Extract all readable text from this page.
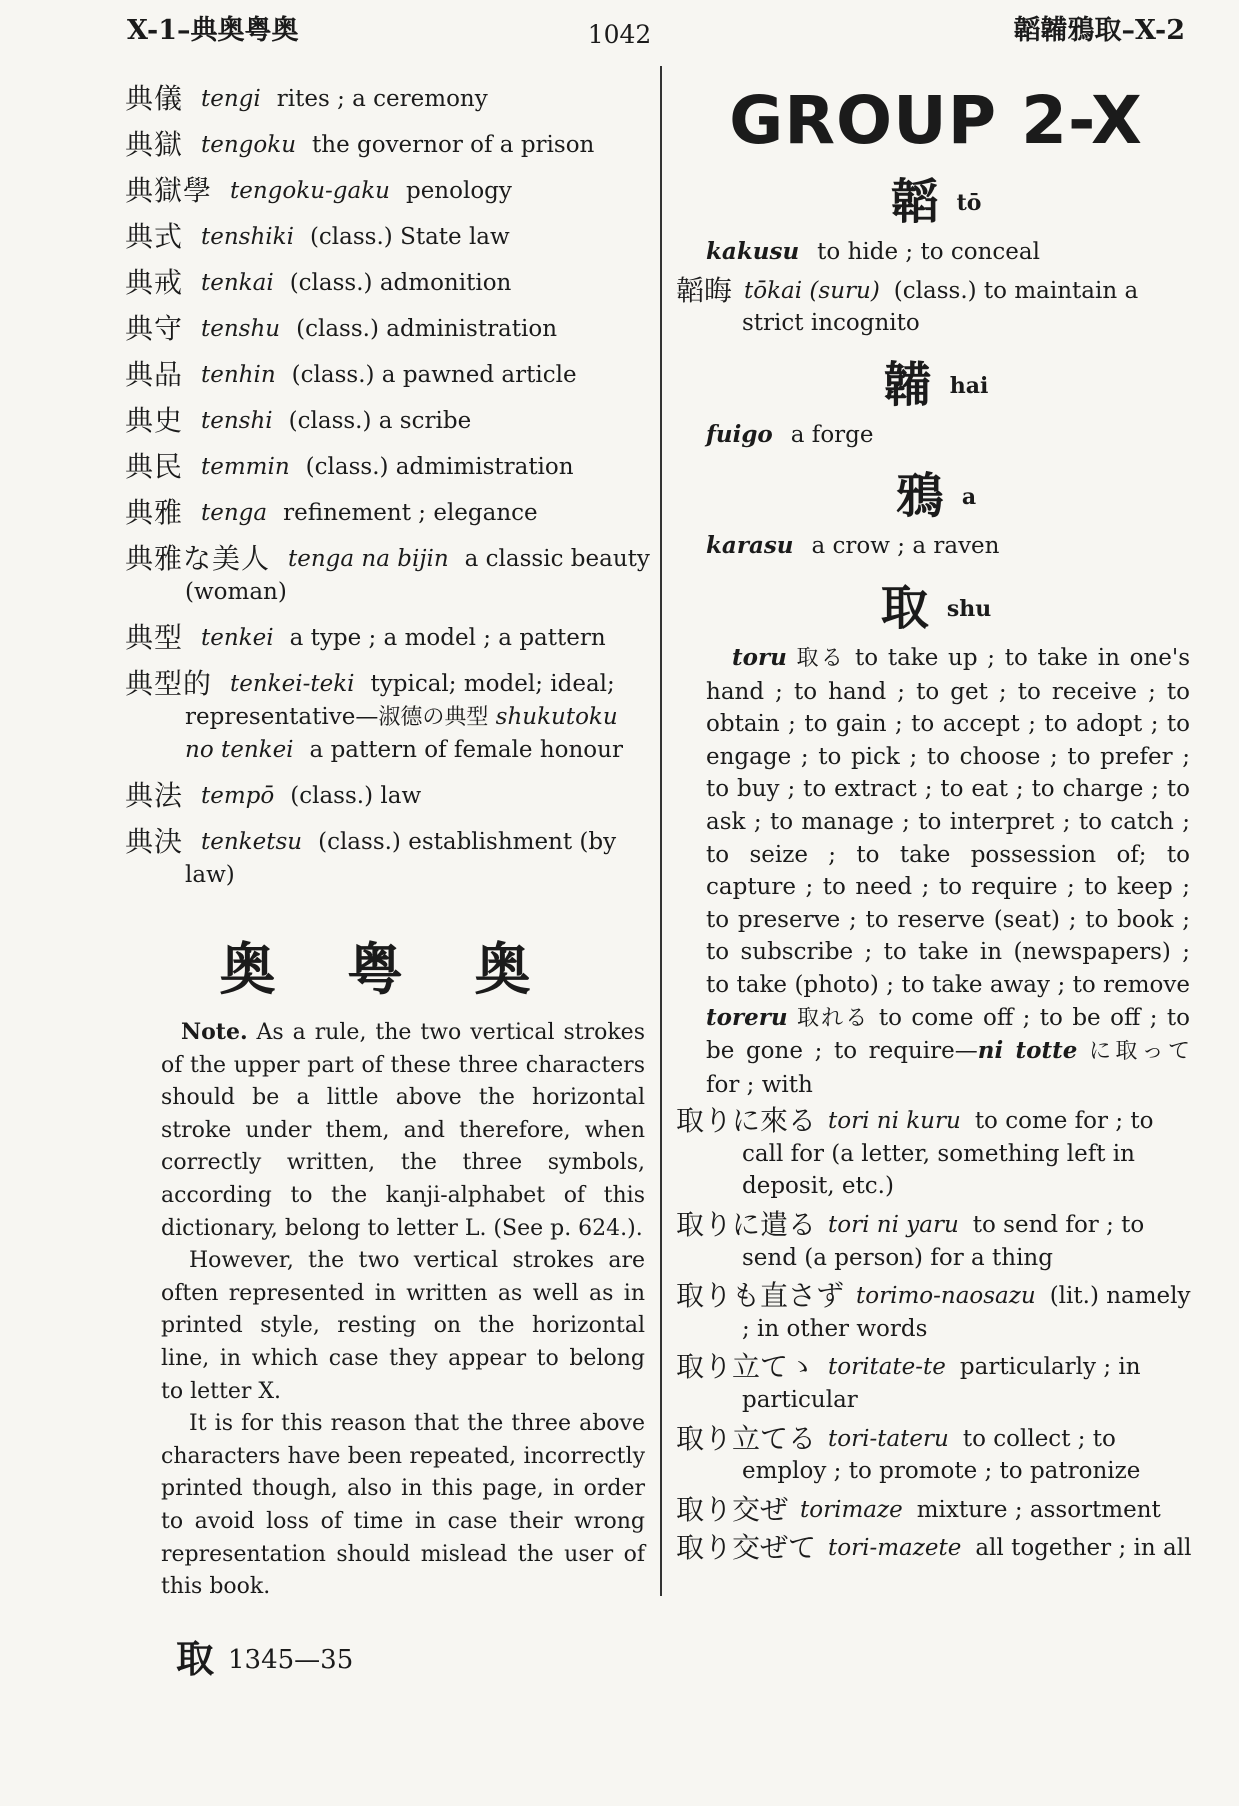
X-1–典奥粤奥	1042	韜韛鴉取–X-2
典儀 tengi rites ; a ceremony
典獄 tengoku the governor of a prison
典獄學 tengoku-gaku penology
典式 tenshiki (class.) State law
典戒 tenkai (class.) admonition
典守 tenshu (class.) administration
典品 tenhin (class.) a pawned article
典史 tenshi (class.) a scribe
典民 temmin (class.) admimistration
典雅 tenga refinement ; elegance
典雅な美人 tenga na bijin a classic beauty (woman)
典型 tenkei a type ; a model ; a pattern
典型的 tenkei-teki typical; model; ideal; representative—淑德の典型 shukutoku no tenkei a pattern of female honour
典法 tempō (class.) law
典決 tenketsu (class.) establishment (by law)
奥 粤 奥

Note. As a rule, the two vertical strokes of the upper part of these three characters should be a little above the horizontal stroke under them, and therefore, when correctly written, the three symbols, according to the kanji-alphabet of this dictionary, belong to letter L. (See p. 624.).

However, the two vertical strokes are often represented in written as well as in printed style, resting on the horizontal line, in which case they appear to belong to letter X.

It is for this reason that the three above characters have been repeated, incorrectly printed though, also in this page, in order to avoid loss of time in case their wrong representation should mislead the user of this book.

取 1345—35
GROUP 2-X
韜tō
kakusu to hide ; to conceal
韜晦 tōkai (suru) (class.) to maintain a strict incognito
韛hai
fuigo a forge
鴉a
karasu a crow ; a raven
取shu
toru 取る to take up ; to take in one's hand ; to hand ; to get ; to receive ; to obtain ; to gain ; to accept ; to adopt ; to engage ; to pick ; to choose ; to prefer ; to buy ; to extract ; to eat ; to charge ; to ask ; to manage ; to interpret ; to catch ; to seize ; to take possession of; to capture ; to need ; to require ; to keep ; to preserve ; to reserve (seat) ; to book ; to subscribe ; to take in (newspapers) ; to take (photo) ; to take away ; to remove toreru 取れる to come off ; to be off ; to be gone ; to require—ni totte に取って for ; with
取りに來る tori ni kuru to come for ; to call for (a letter, something left in deposit, etc.)
取りに遣る tori ni yaru to send for ; to send (a person) for a thing
取りも直さず torimo-naosazu (lit.) namely ; in other words
取り立てゝ toritate-te particularly ; in particular
取り立てる tori-tateru to collect ; to employ ; to promote ; to patronize
取り交ぜ torimaze mixture ; assortment
取り交ぜて tori-mazete all together ; in all
